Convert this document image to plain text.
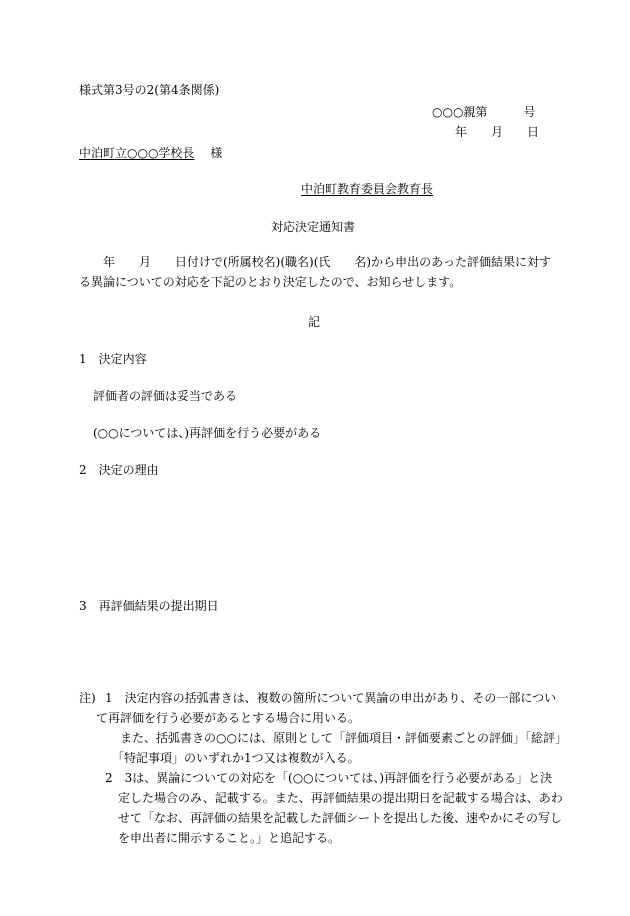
様式第3号の2(第4条関係)
○○○親第　　　号
年　　月　　日
中泊町立○○○学校長 様
中泊町教育委員会教育長
対応決定通知書
年　　月　　日付けで(所属校名)(職名)(氏　　名)から申出のあった評価結果に対す
る異論についての対応を下記のとおり決定したので、お知らせします。
記
1　決定内容
評価者の評価は妥当である
(○○については、)再評価を行う必要がある
2　決定の理由
3　再評価結果の提出期日
注) 1　決定内容の括弧書きは、複数の箇所について異論の申出があり、その一部につい
て再評価を行う必要があるとする場合に用いる。
また、括弧書きの○○には、原則として「評価項目・評価要素ごとの評価」「総評」
「特記事項」のいずれか1つ又は複数が入る。
2　3は、異論についての対応を「(○○については、)再評価を行う必要がある」と決
定した場合のみ、記載する。また、再評価結果の提出期日を記載する場合は、あわ
せて「なお、再評価の結果を記載した評価シートを提出した後、速やかにその写し
を申出者に開示すること。」と追記する。
